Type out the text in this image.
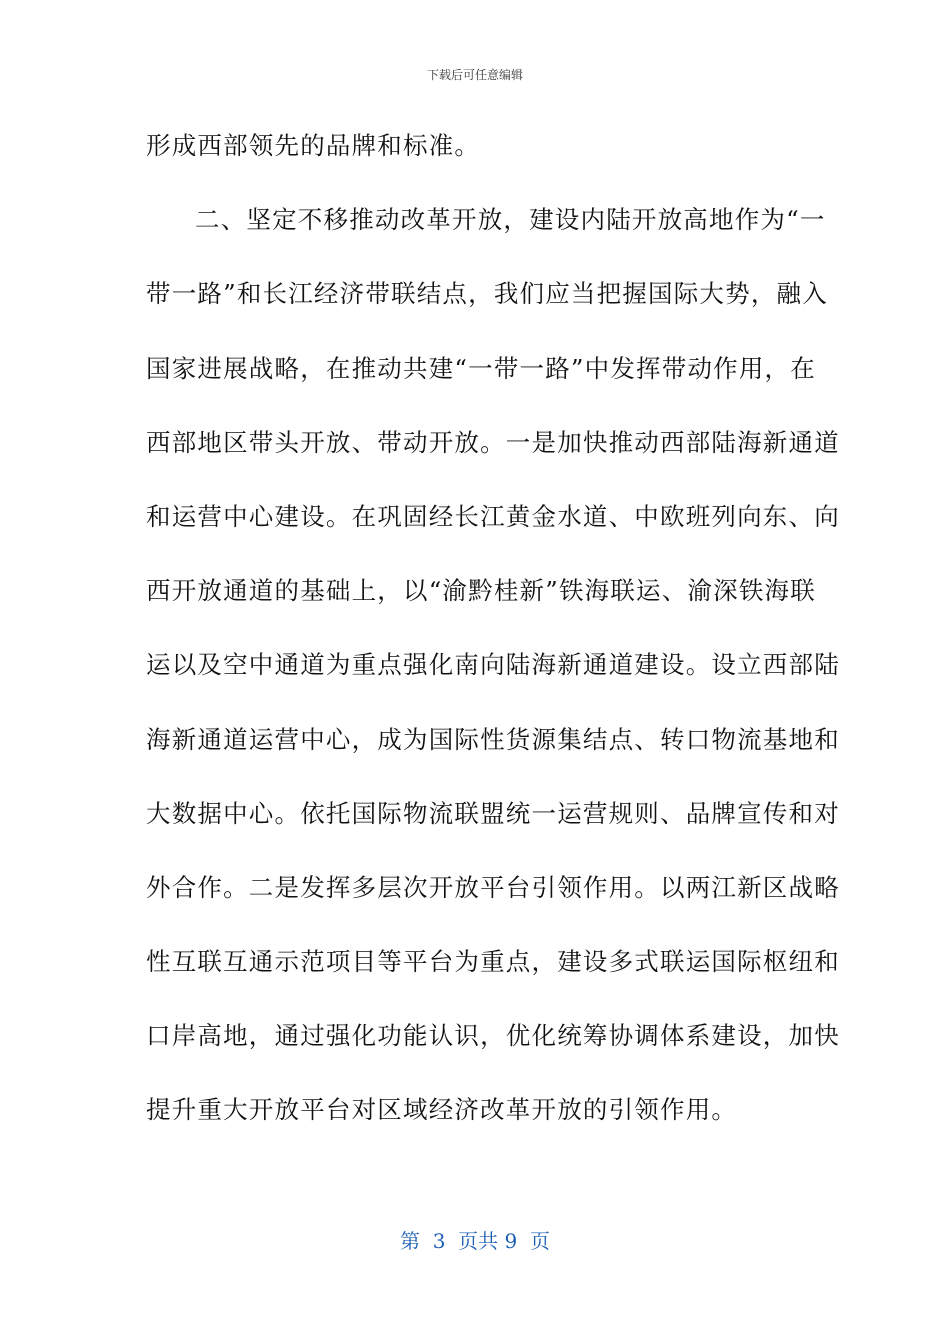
下载后可任意编辑
形成西部领先的品牌和标准。
二、坚定不移推动改革开放，建设内陆开放高地作为“一
带一路”和长江经济带联结点，我们应当把握国际大势，融入
国家进展战略，在推动共建“一带一路”中发挥带动作用，在
西部地区带头开放、带动开放。一是加快推动西部陆海新通道
和运营中心建设。在巩固经长江黄金水道、中欧班列向东、向
西开放通道的基础上，以“渝黔桂新”铁海联运、渝深铁海联
运以及空中通道为重点强化南向陆海新通道建设。设立西部陆
海新通道运营中心，成为国际性货源集结点、转口物流基地和
大数据中心。依托国际物流联盟统一运营规则、品牌宣传和对
外合作。二是发挥多层次开放平台引领作用。以两江新区战略
性互联互通示范项目等平台为重点，建设多式联运国际枢纽和
口岸高地，通过强化功能认识，优化统筹协调体系建设，加快
提升重大开放平台对区域经济改革开放的引领作用。
第  3  页共 9  页
